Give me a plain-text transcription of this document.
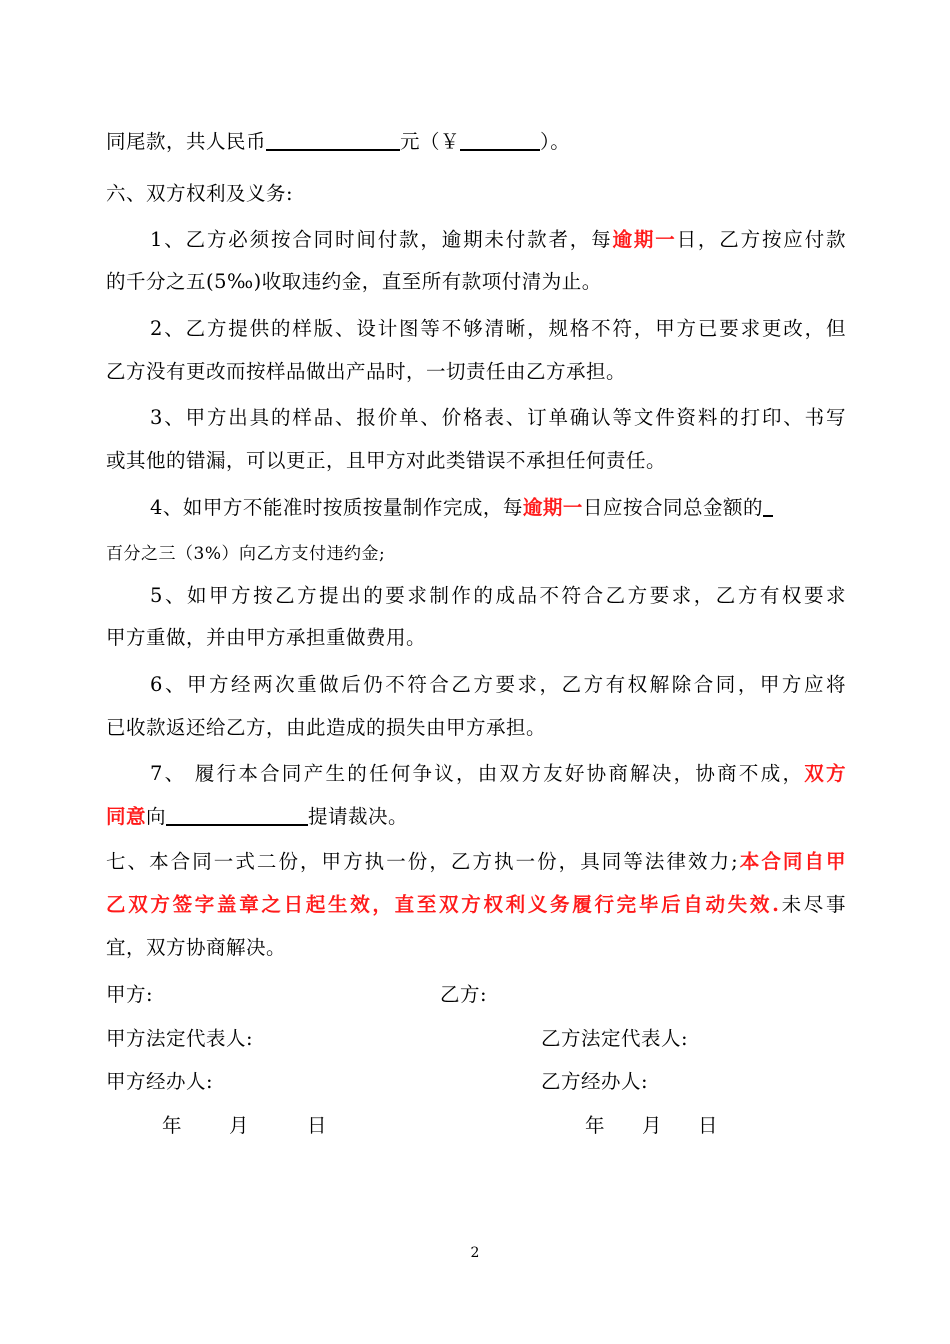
同尾款，共人民币	元（￥	）。
六、双方权利及义务:
1、乙方必须按合同时间付款，逾期未付款者，每逾期一日，乙方按应付款
的千分之五(5‰)收取违约金，直至所有款项付清为止。
2、乙方提供的样版、设计图等不够清晰，规格不符，甲方已要求更改，但
乙方没有更改而按样品做出产品时，一切责任由乙方承担。
3、甲方出具的样品、报价单、价格表、订单确认等文件资料的打印、书写
或其他的错漏，可以更正，且甲方对此类错误不承担任何责任。
4、如甲方不能准时按质按量制作完成，每逾期一日应按合同总金额的
百分之三（3%）向乙方支付违约金;
5、如甲方按乙方提出的要求制作的成品不符合乙方要求，乙方有权要求
甲方重做，并由甲方承担重做费用。
6、甲方经两次重做后仍不符合乙方要求，乙方有权解除合同，甲方应将
已收款返还给乙方，由此造成的损失由甲方承担。
7、 履行本合同产生的任何争议，由双方友好协商解决，协商不成，双方
同意向	提请裁决。
七、本合同一式二份，甲方执一份，乙方执一份，具同等法律效力;本合同自甲
乙双方签字盖章之日起生效，直至双方权利义务履行完毕后自动失效.未尽事
宜，双方协商解决。
甲方:	乙方:
甲方法定代表人:	乙方法定代表人:
甲方经办人:	乙方经办人:
年 月	日	年 月 日
2
